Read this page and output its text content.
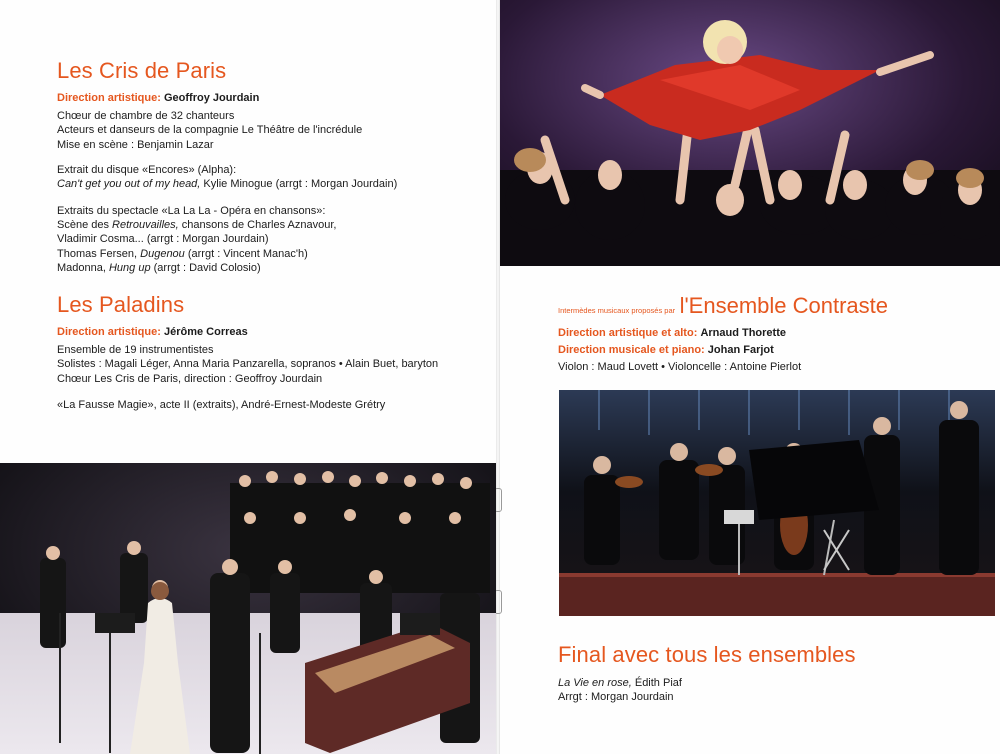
Les Cris de Paris

Direction artistique: Geoffroy Jourdain

Chœur de chambre de 32 chanteurs

Acteurs et danseurs de la compagnie Le Théâtre de l'incrédule

Mise en scène : Benjamin Lazar

Extrait du disque «Encores» (Alpha):

Can't get you out of my head, Kylie Minogue (arrgt : Morgan Jourdain)

Extraits du spectacle «La La La - Opéra en chansons»:

Scène des Retrouvailles, chansons de Charles Aznavour,

Vladimir Cosma... (arrgt : Morgan Jourdain)

Thomas Fersen, Dugenou (arrgt : Vincent Manac'h)

Madonna, Hung up (arrgt : David Colosio)

Les Paladins

Direction artistique: Jérôme Correas

Ensemble de 19 instrumentistes

Solistes : Magali Léger, Anna Maria Panzarella, sopranos • Alain Buet, baryton

Chœur Les Cris de Paris, direction : Geoffroy Jourdain

«La Fausse Magie», acte II (extraits), André-Ernest-Modeste Grétry

Intermèdes musicaux proposés par l'Ensemble Contraste

Direction artistique et alto: Arnaud Thorette

Direction musicale et piano: Johan Farjot

Violon : Maud Lovett • Violoncelle : Antoine Pierlot

Final avec tous les ensembles

La Vie en rose, Édith Piaf

Arrgt : Morgan Jourdain
